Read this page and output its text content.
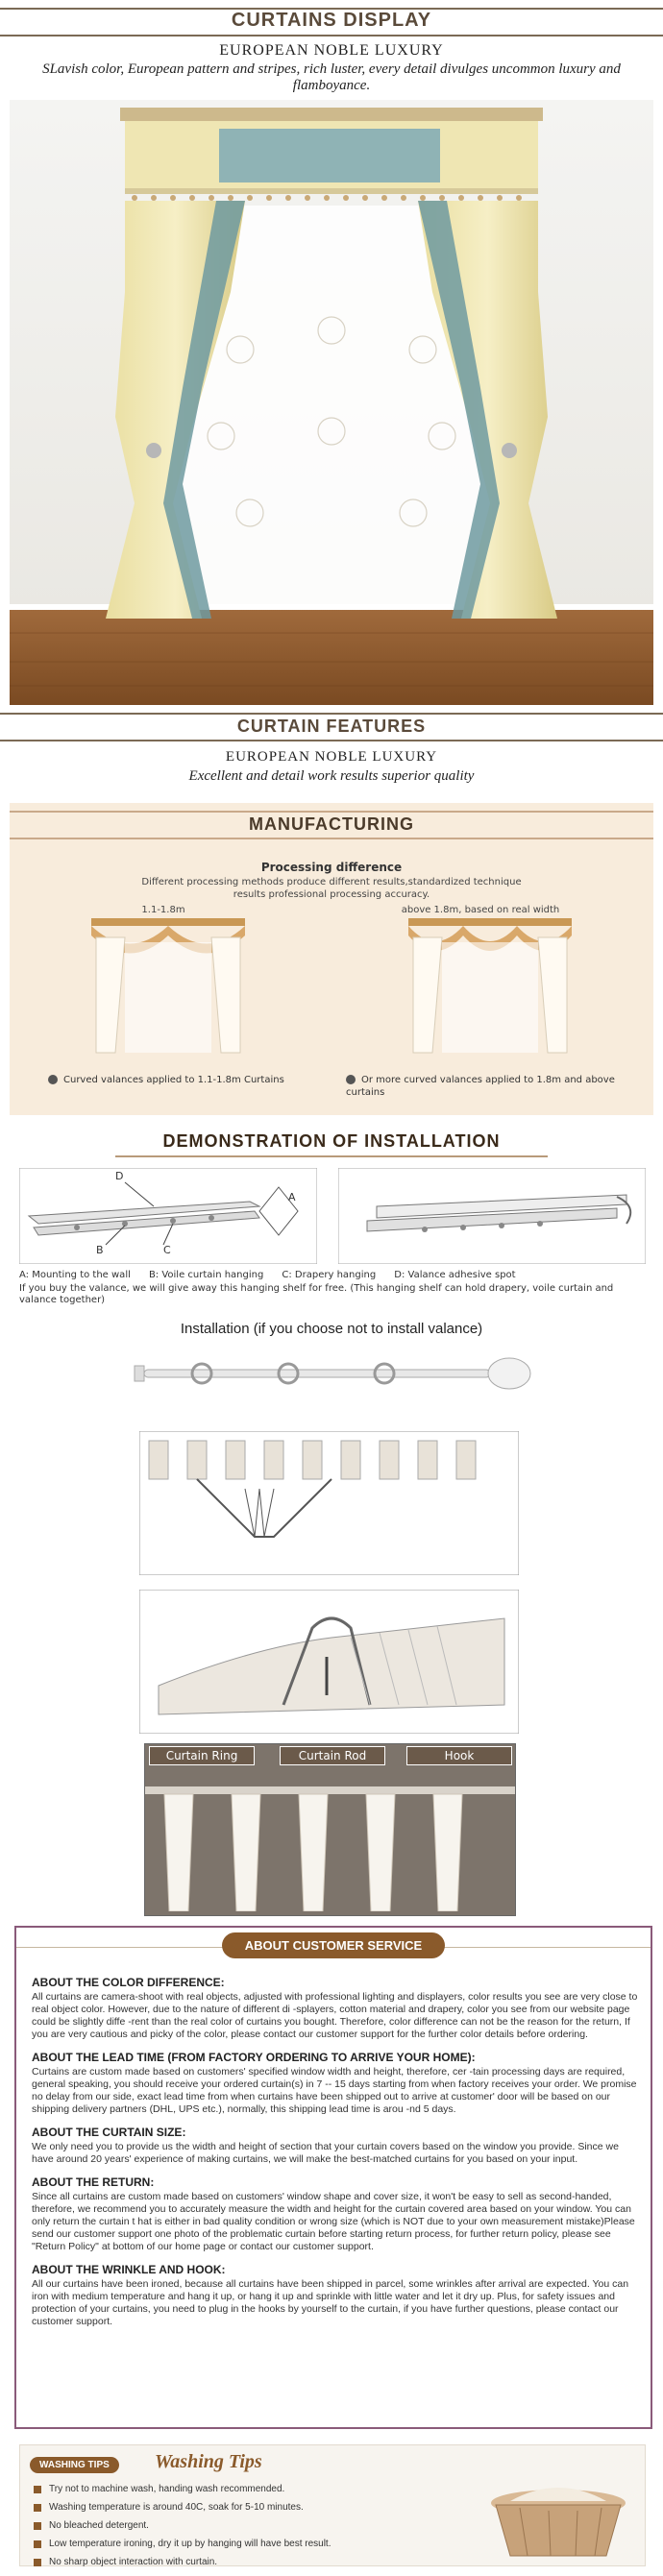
CURTAINS DISPLAY
EUROPEAN NOBLE LUXURY
SLavish color, European pattern and stripes, rich luster, every detail divulges uncommon luxury and flamboyance.
CURTAIN FEATURES
EUROPEAN NOBLE LUXURY
Excellent and detail work results superior quality
MANUFACTURING
Processing difference
Different processing methods produce different results,standardized technique results professional processing accuracy.
1.1-1.8m	above 1.8m, based on real width
Curved valances applied to 1.1-1.8m Curtains	Or more curved valances applied to 1.8m and above curtains
DEMONSTRATION OF INSTALLATION
D
A
B	C
A: Mounting to the wall      B: Voile curtain hanging      C: Drapery hanging      D: Valance adhesive spot
If you buy the valance, we will give away this hanging shelf for free. (This hanging shelf can hold drapery, voile curtain and valance together)
Installation (if you choose not to install valance)
Curtain Ring	Curtain Rod	Hook
ABOUT CUSTOMER SERVICE
ABOUT THE COLOR DIFFERENCE:
All curtains are camera-shoot with real objects, adjusted with professional lighting and displayers, color results you see are very close to real object color. However, due to the nature of different di -splayers, cotton material and drapery, color you see from our website page could be slightly diffe -rent than the real color of curtains you bought. Therefore, color difference can not be the reason for the return, If you are very cautious and picky of the color, please contact our customer support for the further color details before ordering.
ABOUT THE LEAD TIME (FROM FACTORY ORDERING TO ARRIVE YOUR HOME):
Curtains are custom made based on customers' specified window width and height, therefore, cer -tain processing days are required, general speaking, you should receive your ordered curtain(s) in 7 -- 15 days starting from when factory receives your order. We promise no delay from our side, exact lead time from when curtains have been shipped out to arrive at customer' door will be based on our shipping delivery partners (DHL, UPS etc.), normally, this shipping lead time is arou -nd 5 days.
ABOUT THE CURTAIN SIZE:
We only need you to provide us the width and height of section that your curtain covers based on the window you provide. Since we have around 20 years' experience of making curtains, we will make the best-matched curtains for you based on your input.
ABOUT THE RETURN:
Since all curtains are custom made based on customers' window shape and cover size, it won't be easy to sell as second-handed, therefore, we recommend you to accurately measure the width and height for the curtain covered area based on your window. You can only return the curtain t hat is either in bad quality condition or wrong size (which is NOT due to your own measurement mistake)Please send our customer support one photo of the problematic curtain before starting return process, for further return policy, please see "Return Policy" at bottom of our home page or contact our customer support.
ABOUT THE WRINKLE AND HOOK:
All our curtains have been ironed, because all curtains have been shipped in parcel, some wrinkles after arrival are expected. You can iron with medium temperature and hang it up, or hang it up and sprinkle with little water and let it dry up. Plus, for safety issues and protection of your curtains, you need to plug in the hooks by yourself to the curtain, if you have further questions, please contact our customer support.
WASHING TIPS	Washing Tips
Try not to machine wash, handing wash recommended.
Washing temperature is around 40C, soak for 5-10 minutes.
No bleached detergent.
Low temperature ironing, dry it up by hanging will have best result.
No sharp object interaction with curtain.
